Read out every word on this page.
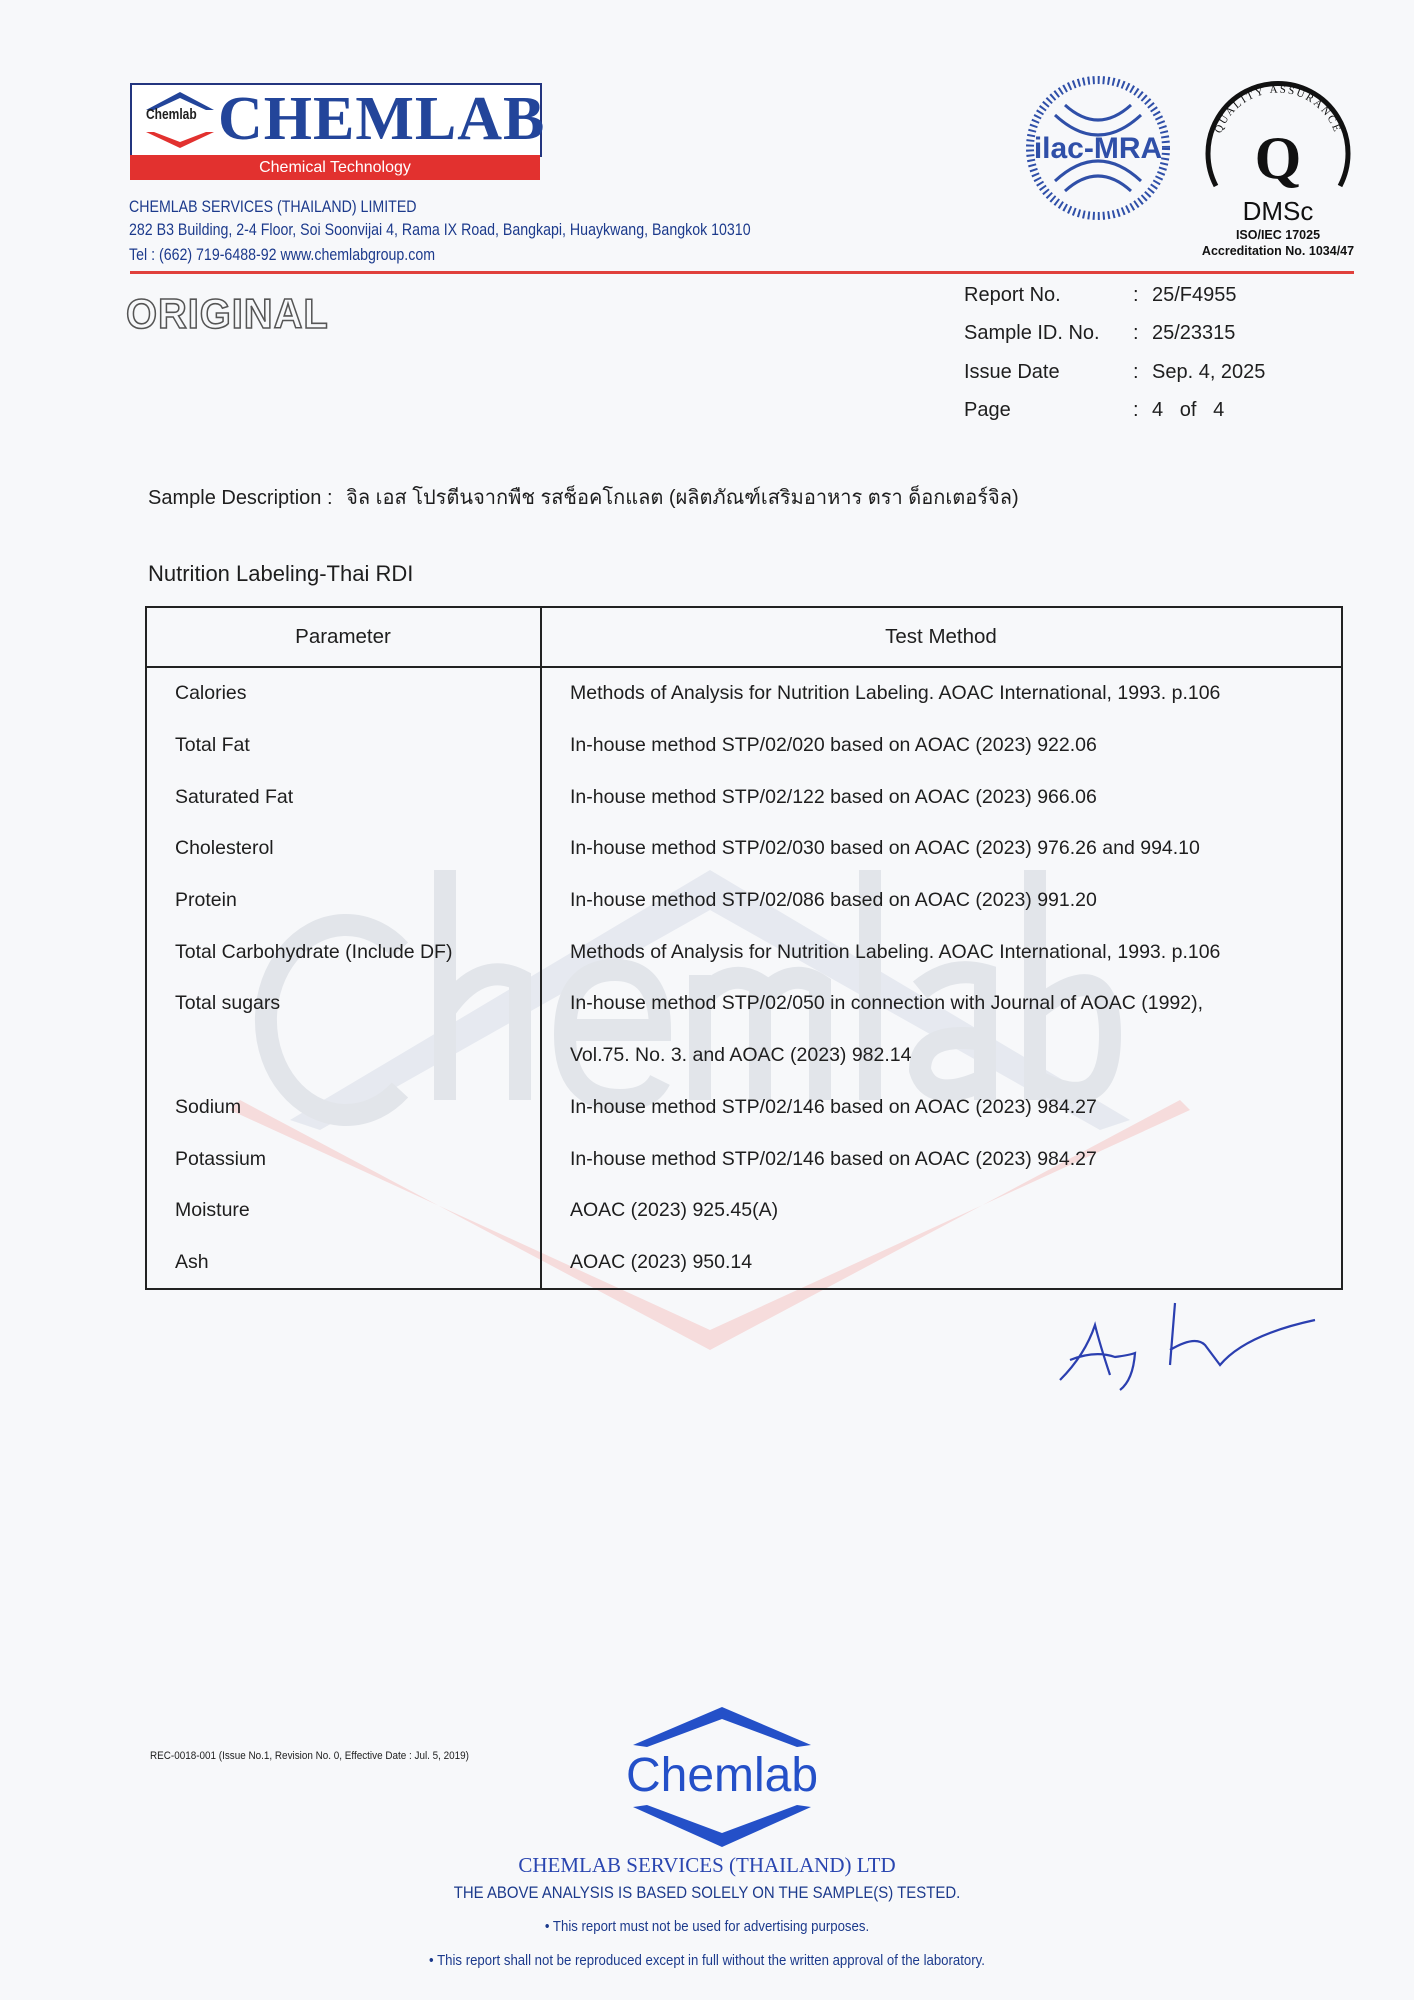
Chemlab CHEMLAB
Chemical Technology
CHEMLAB SERVICES (THAILAND) LIMITED
282 B3 Building, 2-4 Floor, Soi Soonvijai 4, Rama IX Road, Bangkapi, Huaykwang, Bangkok 10310
Tel : (662) 719-6488-92 www.chemlabgroup.com
ilac-MRA
QUALITY ASSURANCE
Q
DMSc
ISO/IEC 17025
Accreditation No. 1034/47
ORIGINAL	Report No.	: 25/F4955
Sample ID. No. : 25/23315
Issue Date	: Sep. 4, 2025
Page	: 4   of   4
Sample Description : จิล เอส โปรตีนจากพืช รสช็อคโกแลต (ผลิตภัณฑ์เสริมอาหาร ตรา ด็อกเตอร์จิล)
Nutrition Labeling-Thai RDI
Parameter	Test Method
Calories	Methods of Analysis for Nutrition Labeling. AOAC International, 1993. p.106
Total Fat	In-house method STP/02/020 based on AOAC (2023) 922.06
Saturated Fat	In-house method STP/02/122 based on AOAC (2023) 966.06
Cholesterol	In-house method STP/02/030 based on AOAC (2023) 976.26 and 994.10
Protein	In-house method STP/02/086 based on AOAC (2023) 991.20
Total Carbohydrate (Include DF)	Methods of Analysis for Nutrition Labeling. AOAC International, 1993. p.106
Total sugars	In-house method STP/02/050 in connection with Journal of AOAC (1992),
	Vol.75. No. 3. and AOAC (2023) 982.14
Sodium	In-house method STP/02/146 based on AOAC (2023) 984.27
Potassium	In-house method STP/02/146 based on AOAC (2023) 984.27
Moisture	AOAC (2023) 925.45(A)
Ash	AOAC (2023) 950.14
REC-0018-001 (Issue No.1, Revision No. 0, Effective Date : Jul. 5, 2019)	Chemlab
CHEMLAB SERVICES (THAILAND) LTD
THE ABOVE ANALYSIS IS BASED SOLELY ON THE SAMPLE(S) TESTED.
• This report must not be used for advertising purposes.
• This report shall not be reproduced except in full without the written approval of the laboratory.
